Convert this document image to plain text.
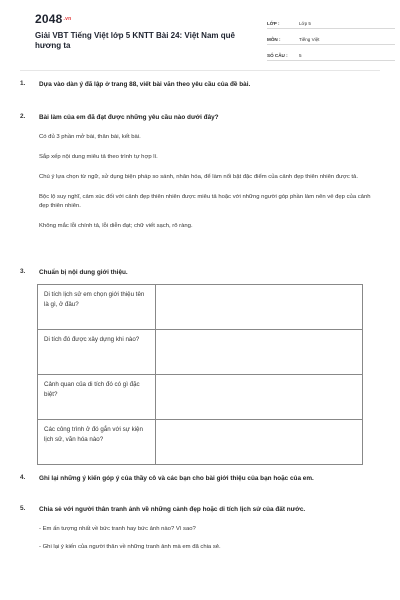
$2048^{.vn}$
Giải VBT Tiếng Việt lớp 5 KNTT Bài 24: Việt Nam quê hương ta
LỚP :	Lớp 5
MÔN :	Tiếng Việt
SỐ CÂU :	5
1.	Dựa vào dàn ý đã lập ở trang 88, viết bài văn theo yêu cầu của đề bài.
2.	Bài làm của em đã đạt được những yêu cầu nào dưới đây?
Có đủ 3 phần mở bài, thân bài, kết bài.
Sắp xếp nội dung miêu tả theo trình tự hợp lí.
Chú ý lựa chọn từ ngữ, sử dụng biện pháp so sánh, nhân hóa, để làm nổi bật đặc điểm của cảnh đẹp thiên nhiên được tả.
Bộc lộ suy nghĩ, cảm xúc đối với cảnh đẹp thiên nhiên được miêu tả hoặc với những người góp phần làm nên vẻ đẹp của cảnh đẹp thiên nhiên.
Không mắc lỗi chính tả, lỗi diễn đạt; chữ viết sạch, rõ ràng.
3.	Chuẩn bị nội dung giới thiệu.
Di tích lịch sử em chọn giới thiệu tên là gì, ở đâu?	
Di tích đó được xây dựng khi nào?	
Cảnh quan của di tích đó có gì đặc biệt?	
Các công trình ở đó gắn với sự kiện lịch sử, văn hóa nào?	
4.	Ghi lại những ý kiến góp ý của thầy cô và các bạn cho bài giới thiệu của bạn hoặc của em.
5.	Chia sẻ với người thân tranh ảnh về những cảnh đẹp hoặc di tích lịch sử của đất nước.
- Em ấn tượng nhất về bức tranh hay bức ảnh nào? Vì sao?
- Ghi lại ý kiến của người thân về những tranh ảnh mà em đã chia sẻ.
